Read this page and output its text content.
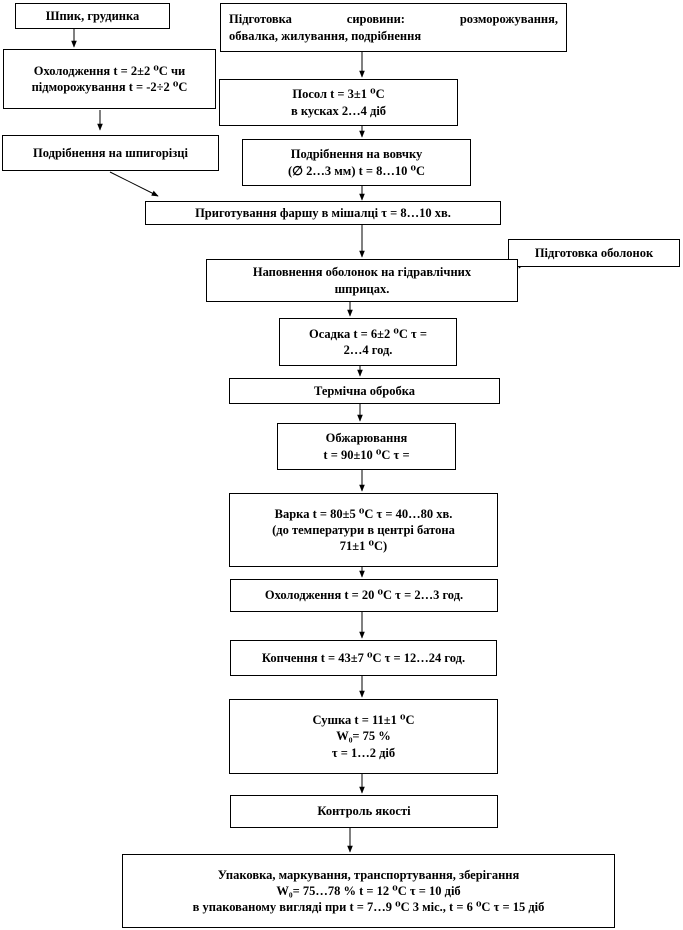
Шпик, грудинка
Охолодження t = 2±2 ⁰С чи
підморожування t = -2÷2 ⁰С
Подрібнення на шпигорізці
Підготовка сировини: розморожування,
обвалка, жилування, подрібнення
Посол t = 3±1 ⁰С
в кусках 2…4 діб
Подрібнення на вовчку
(∅ 2…3 мм) t = 8…10 ⁰С
Приготування фаршу в мішалці τ = 8…10 хв.
Підготовка оболонок
Наповнення оболонок на гідравлічних
шприцах.
Осадка t = 6±2 ⁰С τ =
2…4 год.
Термічна обробка
Обжарювання
t = 90±10 ⁰С τ =
Варка t = 80±5 ⁰С τ = 40…80 хв.
(до температури в центрі батона
71±1 ⁰С)
Охолодження t = 20 ⁰С τ = 2…3 год.
Копчення t = 43±7 ⁰С τ = 12…24 год.
Сушка t = 11±1 ⁰С
W₀= 75 %
τ = 1…2 діб
Контроль якості
Упаковка, маркування, транспортування, зберігання
W₀= 75…78 % t = 12 ⁰С τ = 10 діб
в упакованому вигляді при t = 7…9 ⁰С 3 міс., t = 6 ⁰С τ = 15 діб
